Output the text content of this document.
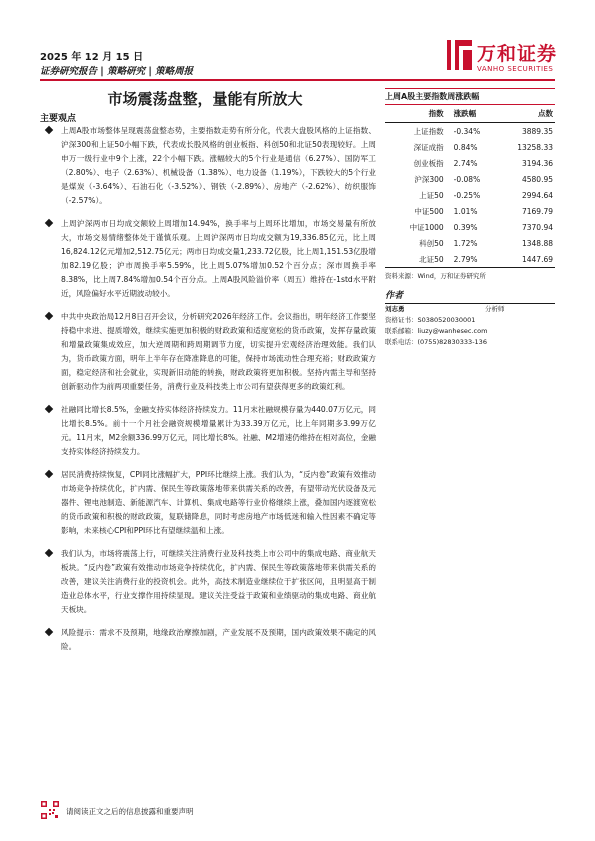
2025 年 12 月 15 日
证券研究报告 | 策略研究 | 策略周报
万和证券
VANHO SECURITIES
市场震荡盘整，量能有所放大
主要观点
上周A股市场整体呈现震荡盘整态势，主要指数走势有所分化，代表大盘股风格的上证指数、沪深300和上证50小幅下跌，代表成长股风格的创业板指、科创50和北证50表现较好。上周申万一级行业中9个上涨，22个小幅下跌。涨幅较大的5个行业是通信（6.27%）、国防军工（2.80%）、电子（2.63%）、机械设备（1.38%）、电力设备（1.19%），下跌较大的5个行业是煤炭（-3.64%）、石油石化（-3.52%）、钢铁（-2.89%）、房地产（-2.62%）、纺织服饰（-2.57%）。
上周沪深两市日均成交额较上周增加14.94%，换手率与上周环比增加，市场交易量有所放大，市场交易情绪整体处于谨慎乐观。上周沪深两市日均成交额为19,336.85亿元，比上周16,824.12亿元增加2,512.75亿元；两市日均成交量1,233.72亿股，比上周1,151.53亿股增加82.19亿股；沪市周换手率5.59%，比上周5.07%增加0.52个百分点；深市周换手率8.38%，比上周7.84%增加0.54个百分点。上周A股风险溢价率（周五）维持在-1std水平附近，风险偏好水平近期波动较小。
中共中央政治局12月8日召开会议，分析研究2026年经济工作。会议指出，明年经济工作要坚持稳中求进、提质增效，继续实施更加积极的财政政策和适度宽松的货币政策，发挥存量政策和增量政策集成效应，加大逆周期和跨周期调节力度，切实提升宏观经济治理效能。我们认为，货币政策方面，明年上半年存在降准降息的可能，保持市场流动性合理充裕；财政政策方面，稳定经济和社会就业，实现新旧动能的转换，财政政策将更加积极。坚持内需主导和坚持创新驱动作为前两项重要任务，消费行业及科技类上市公司有望获得更多的政策红利。
社融同比增长8.5%，金融支持实体经济持续发力。11月末社融规模存量为440.07万亿元，同比增长8.5%。前十一个月社会融资规模增量累计为33.39万亿元，比上年同期多3.99万亿元。11月末，M2余额336.99万亿元，同比增长8%。社融、M2增速仍维持在相对高位，金融支持实体经济持续发力。
居民消费持续恢复，CPI同比涨幅扩大，PPI环比继续上涨。我们认为，“反内卷”政策有效推动市场竞争持续优化，扩内需、保民生等政策落地带来供需关系的改善，有望带动光伏设备及元器件、锂电池制造、新能源汽车、计算机、集成电路等行业价格继续上涨，叠加国内逐渡宽松的货币政策和积极的财政政策，复联储降息，同时考虑房地产市场低迷和输入性因素不确定等影响，未来核心CPI和PPI环比有望继续温和上涨。
我们认为，市场将震荡上行，可继续关注消费行业及科技类上市公司中的集成电路、商业航天板块。“反内卷”政策有效推动市场竞争持续优化，扩内需、保民生等政策落地带来供需关系的改善，建议关注消费行业的投资机会。此外，高技术制造业继续位于扩张区间，且明显高于制造业总体水平，行业支撑作用持续显现。建议关注受益于政策和业绩驱动的集成电路、商业航天板块。
风险提示：需求不及预期，地缘政治摩擦加剧，产业发展不及预期，国内政策效果不确定的风险。
上周A股主要指数周涨跌幅
指数	涨跌幅	点数
上证指数	-0.34%	3889.35
深证成指	0.84%	13258.33
创业板指	2.74%	3194.36
沪深300	-0.08%	4580.95
上证50	-0.25%	2994.64
中证500	1.01%	7169.79
中证1000	0.39%	7370.94
科创50	1.72%	1348.88
北证50	2.79%	1447.69
资料来源：Wind，万和证券研究所
作者
刘志勇	分析师
资格证书：S0380520030001
联系邮箱：liuzy@wanhesec.com
联系电话：(0755)82830333-136
请阅读正文之后的信息披露和重要声明
